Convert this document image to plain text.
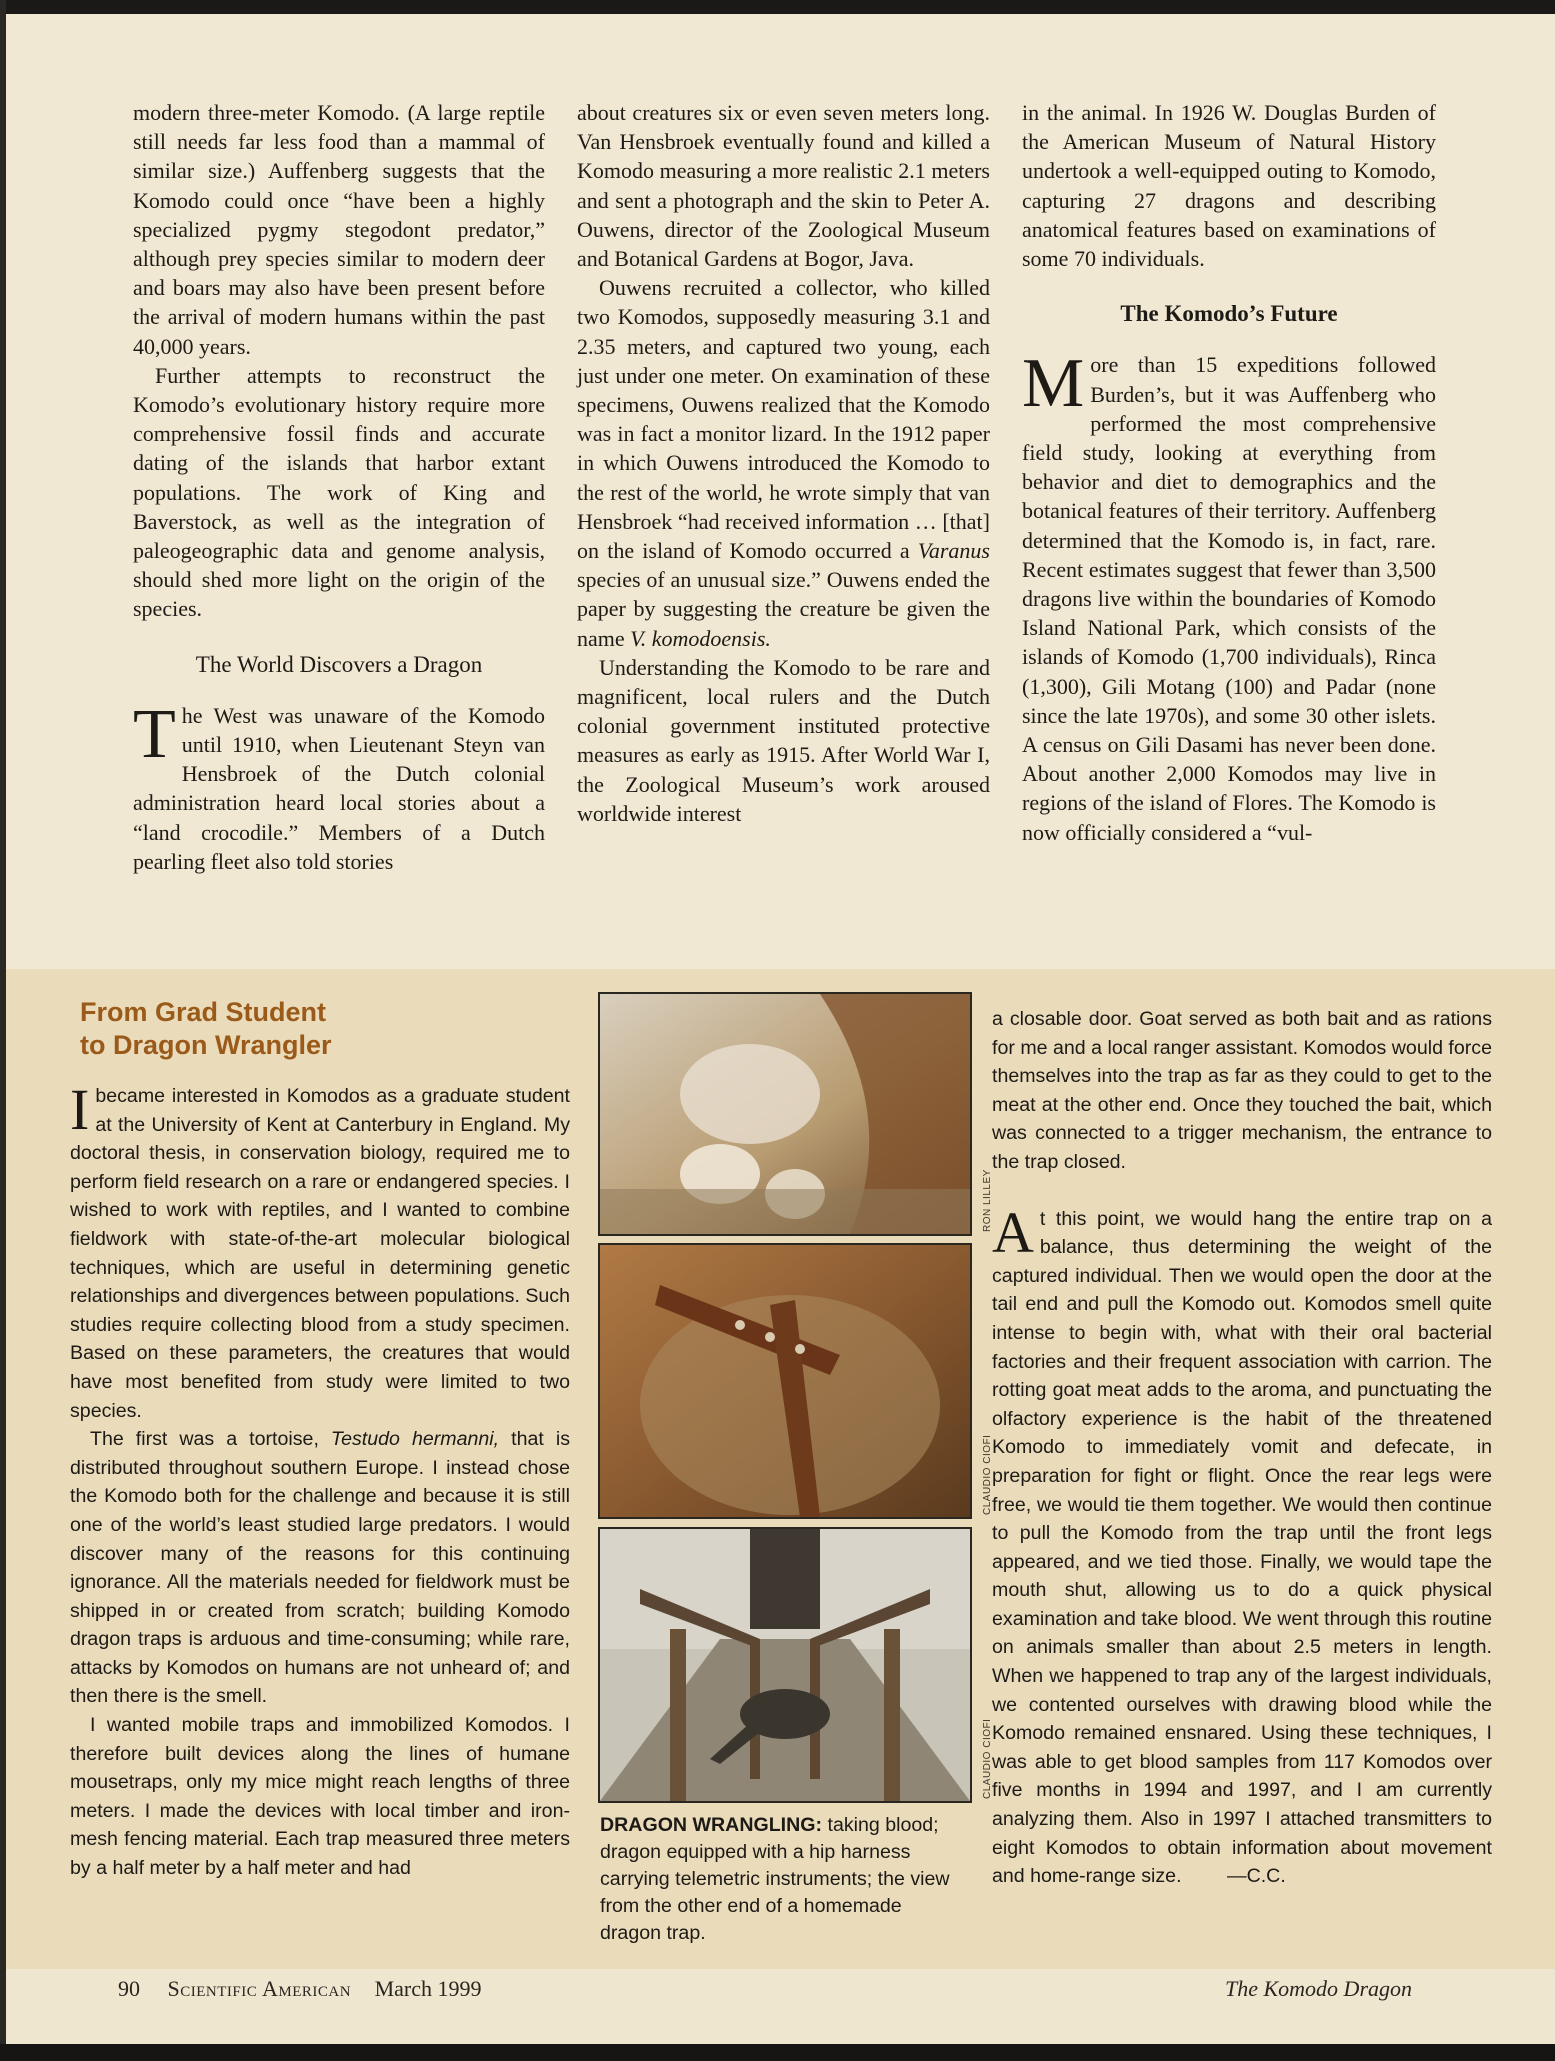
modern three-meter Komodo. (A large reptile still needs far less food than a mammal of similar size.) Auffenberg suggests that the Komodo could once “have been a highly specialized pygmy stegodont predator,” although prey species similar to modern deer and boars may also have been present before the arrival of modern humans within the past 40,000 years.

Further attempts to reconstruct the Komodo’s evolutionary history require more comprehensive fossil finds and accurate dating of the islands that harbor extant populations. The work of King and Baverstock, as well as the integration of paleogeographic data and genome analysis, should shed more light on the origin of the species.

The World Discovers a Dragon

The West was unaware of the Komodo until 1910, when Lieutenant Steyn van Hensbroek of the Dutch colonial administration heard local stories about a “land crocodile.” Members of a Dutch pearling fleet also told stories

about creatures six or even seven meters long. Van Hensbroek eventually found and killed a Komodo measuring a more realistic 2.1 meters and sent a photograph and the skin to Peter A. Ouwens, director of the Zoological Museum and Botanical Gardens at Bogor, Java.

Ouwens recruited a collector, who killed two Komodos, supposedly measuring 3.1 and 2.35 meters, and captured two young, each just under one meter. On examination of these specimens, Ouwens realized that the Komodo was in fact a monitor lizard. In the 1912 paper in which Ouwens introduced the Komodo to the rest of the world, he wrote simply that van Hensbroek “had received information … [that] on the island of Komodo occurred a Varanus species of an unusual size.” Ouwens ended the paper by suggesting the creature be given the name V. komodoensis.

Understanding the Komodo to be rare and magnificent, local rulers and the Dutch colonial government instituted protective measures as early as 1915. After World War I, the Zoological Museum’s work aroused worldwide interest

in the animal. In 1926 W. Douglas Burden of the American Museum of Natural History undertook a well-equipped outing to Komodo, capturing 27 dragons and describing anatomical features based on examinations of some 70 individuals.

The Komodo’s Future

More than 15 expeditions followed Burden’s, but it was Auffenberg who performed the most comprehensive field study, looking at everything from behavior and diet to demographics and the botanical features of their territory. Auffenberg determined that the Komodo is, in fact, rare. Recent estimates suggest that fewer than 3,500 dragons live within the boundaries of Komodo Island National Park, which consists of the islands of Komodo (1,700 individuals), Rinca (1,300), Gili Motang (100) and Padar (none since the late 1970s), and some 30 other islets. A census on Gili Dasami has never been done. About another 2,000 Komodos may live in regions of the island of Flores. The Komodo is now officially considered a “vul-

From Grad Student
to Dragon Wrangler

Ibecame interested in Komodos as a graduate student at the University of Kent at Canterbury in England. My doctoral thesis, in conservation biology, required me to perform field research on a rare or endangered species. I wished to work with reptiles, and I wanted to combine fieldwork with state-of-the-art molecular biological techniques, which are useful in determining genetic relationships and divergences between populations. Such studies require collecting blood from a study specimen. Based on these parameters, the creatures that would have most benefited from study were limited to two species.

The first was a tortoise, Testudo hermanni, that is distributed throughout southern Europe. I instead chose the Komodo both for the challenge and because it is still one of the world’s least studied large predators. I would discover many of the reasons for this continuing ignorance. All the materials needed for fieldwork must be shipped in or created from scratch; building Komodo dragon traps is arduous and time-consuming; while rare, attacks by Komodos on humans are not unheard of; and then there is the smell.

I wanted mobile traps and immobilized Komodos. I therefore built devices along the lines of humane mousetraps, only my mice might reach lengths of three meters. I made the devices with local timber and iron-mesh fencing material. Each trap measured three meters by a half meter by a half meter and had

RON LILLEY
CLAUDIO CIOFI
CLAUDIO CIOFI
DRAGON WRANGLING: taking blood; dragon equipped with a hip harness carrying telemetric instruments; the view from the other end of a homemade dragon trap.

a closable door. Goat served as both bait and as rations for me and a local ranger assistant. Komodos would force themselves into the trap as far as they could to get to the meat at the other end. Once they touched the bait, which was connected to a trigger mechanism, the entrance to the trap closed.

At this point, we would hang the entire trap on a balance, thus determining the weight of the captured individual. Then we would open the door at the tail end and pull the Komodo out. Komodos smell quite intense to begin with, what with their oral bacterial factories and their frequent association with carrion. The rotting goat meat adds to the aroma, and punctuating the olfactory experience is the habit of the threatened Komodo to immediately vomit and defecate, in preparation for fight or flight. Once the rear legs were free, we would tie them together. We would then continue to pull the Komodo from the trap until the front legs appeared, and we tied those. Finally, we would tape the mouth shut, allowing us to do a quick physical examination and take blood. We went through this routine on animals smaller than about 2.5 meters in length. When we happened to trap any of the largest individuals, we contented ourselves with drawing blood while the Komodo remained ensnared. Using these techniques, I was able to get blood samples from 117 Komodos over five months in 1994 and 1997, and I am currently analyzing them. Also in 1997 I attached transmitters to eight Komodos to obtain information about movement and home-range size. —C.C.

90 Scientific American March 1999	The Komodo Dragon
